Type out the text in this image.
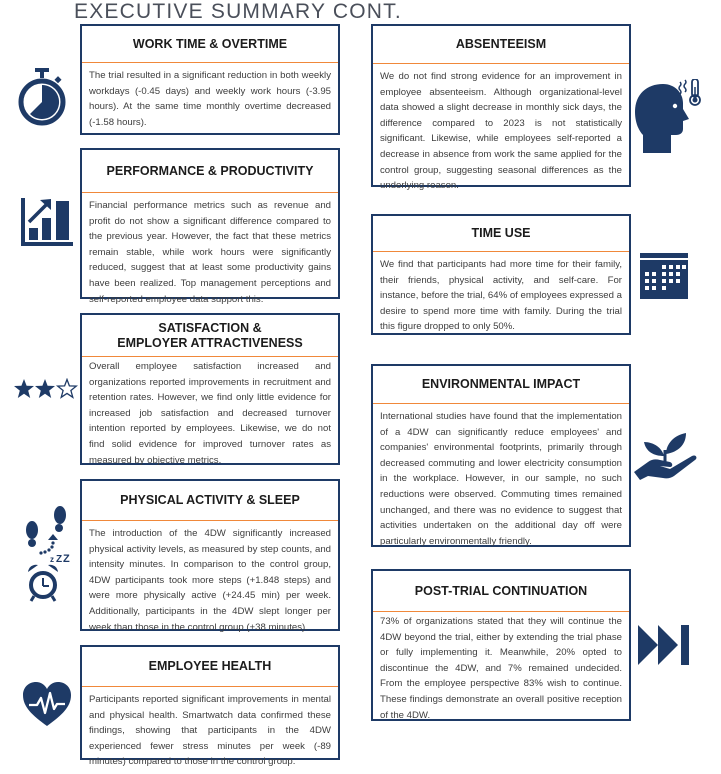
EXECUTIVE SUMMARY CONT.
WORK TIME & OVERTIME
The trial resulted in a significant reduction in both weekly workdays (-0.45 days) and weekly work hours (-3.95 hours). At the same time monthly overtime decreased (-1.58 hours).
PERFORMANCE & PRODUCTIVITY
Financial performance metrics such as revenue and profit do not show a significant difference compared to the previous year. However, the fact that these metrics remain stable, while work hours were significantly reduced, suggest that at least some productivity gains have been realized. Top management perceptions and self-reported employee data support this.
SATISFACTION &
EMPLOYER ATTRACTIVENESS
Overall employee satisfaction increased and organizations reported improvements in recruitment and retention rates. However, we find only little evidence for increased job satisfaction and decreased turnover intention reported by employees. Likewise, we do not find solid evidence for improved turnover rates as measured by objective metrics.
z Z Z
PHYSICAL ACTIVITY & SLEEP
The introduction of the 4DW significantly increased physical activity levels, as measured by step counts, and intensity minutes. In comparison to the control group, 4DW participants took more steps (+1.848 steps) and were more physically active (+24.45 min) per week. Additionally, participants in the 4DW slept longer per week than those in the control group (+38 minutes).
EMPLOYEE HEALTH
Participants reported significant improvements in mental and physical health. Smartwatch data confirmed these findings, showing that participants in the 4DW experienced fewer stress minutes per week (-89 minutes) compared to those in the control group.
ABSENTEEISM
We do not find strong evidence for an improvement in employee absenteeism. Although organizational-level data showed a slight decrease in monthly sick days, the difference compared to 2023 is not statistically significant. Likewise, while employees self-reported a decrease in absence from work the same applied for the control group, suggesting seasonal differences as the underlying reason.
TIME USE
We find that participants had more time for their family, their friends, physical activity, and self-care. For instance, before the trial, 64% of employees expressed a desire to spend more time with family. During the trial this figure dropped to only 50%.
ENVIRONMENTAL IMPACT
International studies have found that the implementation of a 4DW can significantly reduce employees' and companies' environmental footprints, primarily through decreased commuting and lower electricity consumption in the workplace. However, in our sample, no such reductions were observed. Commuting times remained unchanged, and there was no evidence to suggest that activities undertaken on the additional day off were particularly environmentally friendly.
POST-TRIAL CONTINUATION
73% of organizations stated that they will continue the 4DW beyond the trial, either by extending the trial phase or fully implementing it. Meanwhile, 20% opted to discontinue the 4DW, and 7% remained undecided. From the employee perspective 83% wish to continue. These findings demonstrate an overall positive reception of the 4DW.
